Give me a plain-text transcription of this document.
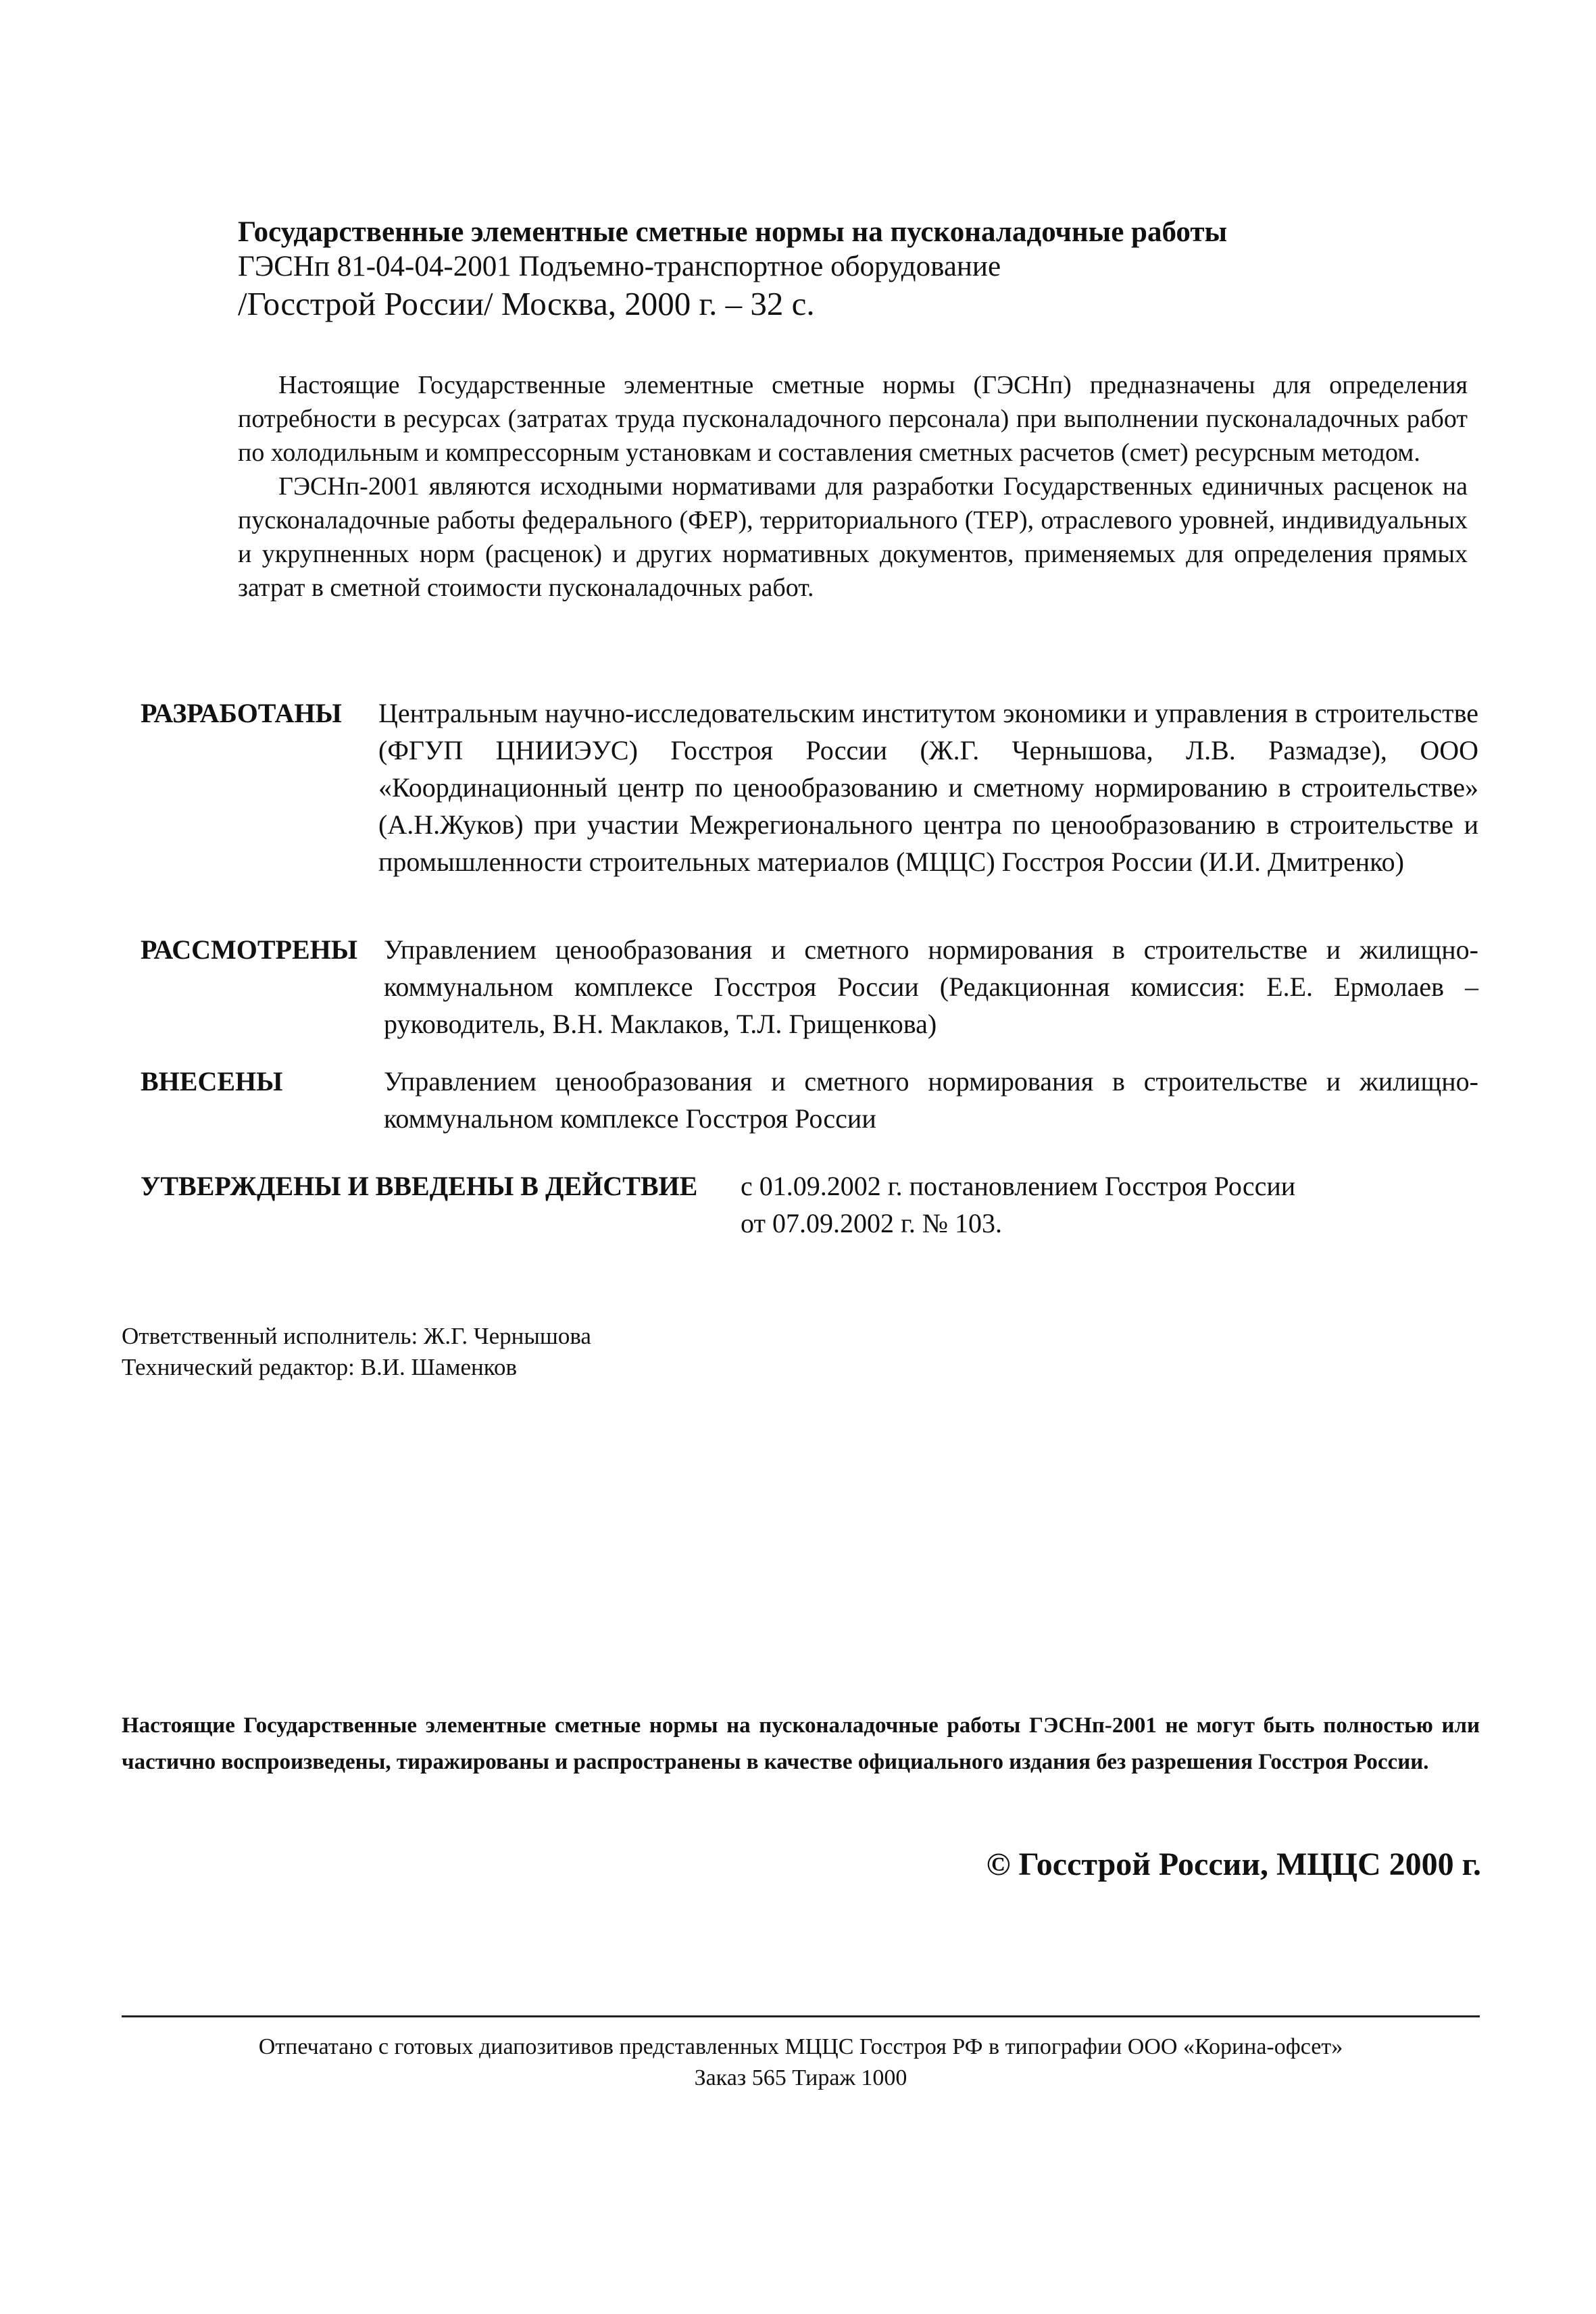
Государственные элементные сметные нормы на пусконаладочные работы
ГЭСНп 81-04-04-2001 Подъемно-транспортное оборудование
/Госстрой России/ Москва, 2000 г. – 32 с.

Настоящие Государственные элементные сметные нормы (ГЭСНп) предназначены для определения потребности в ресурсах (затратах труда пусконаладочного персонала) при выполнении пусконаладочных работ по холодильным и компрессорным установкам и составления сметных расчетов (смет) ресурсным методом.

ГЭСНп-2001 являются исходными нормативами для разработки Государственных единичных расценок на пусконаладочные работы федерального (ФЕР), территориального (ТЕР), отраслевого уровней, индивидуальных и укрупненных норм (расценок) и других нормативных документов, применяемых для определения прямых затрат в сметной стоимости пусконаладочных работ.

РАЗРАБОТАНЫ	Центральным научно-исследовательским институтом экономики и управления в строительстве (ФГУП ЦНИИЭУС) Госстроя России (Ж.Г. Чернышова, Л.В. Размадзе), ООО «Координационный центр по ценообразованию и сметному нормированию в строительстве» (А.Н.Жуков) при участии Межрегионального центра по ценообразованию в строительстве и промышленности строительных материалов (МЦЦС) Госстроя России (И.И. Дмитренко)
РАССМОТРЕНЫ Управлением ценообразования и сметного нормирования в строительстве и жилищно-коммунальном комплексе Госстроя России (Редакционная комиссия: Е.Е. Ермолаев – руководитель, В.Н. Маклаков, Т.Л. Грищенкова)
ВНЕСЕНЫ	Управлением ценообразования и сметного нормирования в строительстве и жилищно-коммунальном комплексе Госстроя России
УТВЕРЖДЕНЫ И ВВЕДЕНЫ В ДЕЙСТВИЕ	с 01.09.2002 г. постановлением Госстроя России
от 07.09.2002 г. № 103.
Ответственный исполнитель: Ж.Г. Чернышова
Технический редактор: В.И. Шаменков
Настоящие Государственные элементные сметные нормы на пусконаладочные работы ГЭСНп-2001 не могут быть полностью или частично воспроизведены, тиражированы и распространены в качестве официального издания без разрешения Госстроя России.
© Госстрой России, МЦЦС 2000 г.
Отпечатано с готовых диапозитивов представленных МЦЦС Госстроя РФ в типографии ООО «Корина-офсет»
Заказ 565 Тираж 1000
